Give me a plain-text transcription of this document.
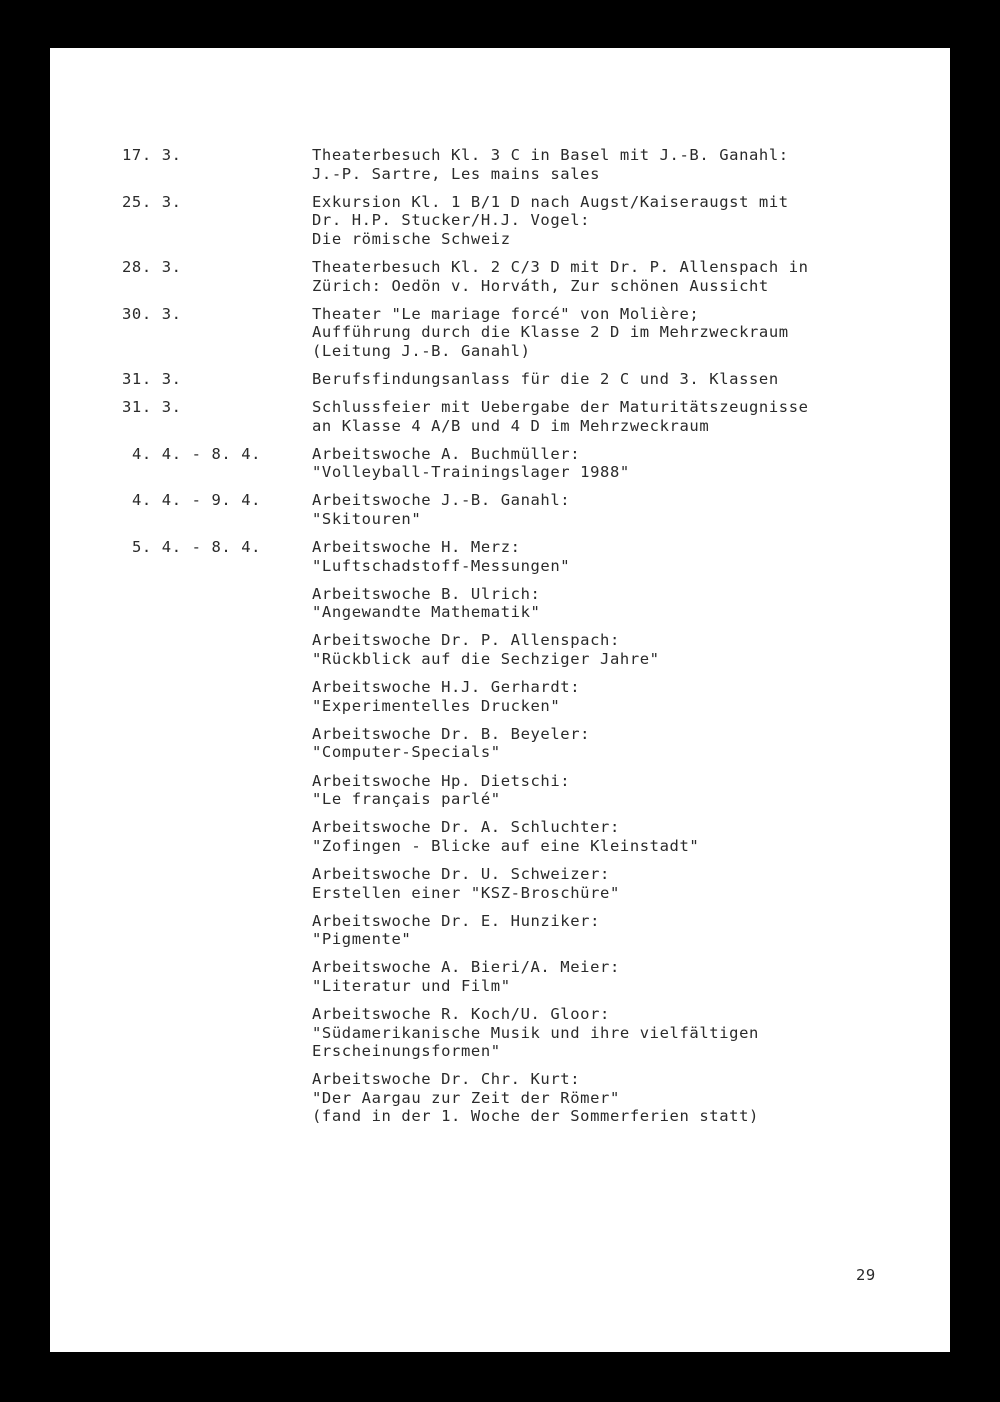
17. 3.	Theaterbesuch Kl. 3 C in Basel mit J.-B. Ganahl:
J.-P. Sartre, Les mains sales
25. 3.	Exkursion Kl. 1 B/1 D nach Augst/Kaiseraugst mit
Dr. H.P. Stucker/H.J. Vogel:
Die römische Schweiz
28. 3.	Theaterbesuch Kl. 2 C/3 D mit Dr. P. Allenspach in
Zürich: Oedön v. Horváth, Zur schönen Aussicht
30. 3.	Theater "Le mariage forcé" von Molière;
Aufführung durch die Klasse 2 D im Mehrzweckraum
(Leitung J.-B. Ganahl)
31. 3.	Berufsfindungsanlass für die 2 C und 3. Klassen
31. 3.	Schlussfeier mit Uebergabe der Maturitätszeugnisse
an Klasse 4 A/B und 4 D im Mehrzweckraum
4. 4. - 8. 4.	Arbeitswoche A. Buchmüller:
"Volleyball-Trainingslager 1988"
4. 4. - 9. 4.	Arbeitswoche J.-B. Ganahl:
"Skitouren"
5. 4. - 8. 4.	Arbeitswoche H. Merz:
"Luftschadstoff-Messungen"
Arbeitswoche B. Ulrich:
"Angewandte Mathematik"
Arbeitswoche Dr. P. Allenspach:
"Rückblick auf die Sechziger Jahre"
Arbeitswoche H.J. Gerhardt:
"Experimentelles Drucken"
Arbeitswoche Dr. B. Beyeler:
"Computer-Specials"
Arbeitswoche Hp. Dietschi:
"Le français parlé"
Arbeitswoche Dr. A. Schluchter:
"Zofingen - Blicke auf eine Kleinstadt"
Arbeitswoche Dr. U. Schweizer:
Erstellen einer "KSZ-Broschüre"
Arbeitswoche Dr. E. Hunziker:
"Pigmente"
Arbeitswoche A. Bieri/A. Meier:
"Literatur und Film"
Arbeitswoche R. Koch/U. Gloor:
"Südamerikanische Musik und ihre vielfältigen
Erscheinungsformen"
Arbeitswoche Dr. Chr. Kurt:
"Der Aargau zur Zeit der Römer"
(fand in der 1. Woche der Sommerferien statt)
29
